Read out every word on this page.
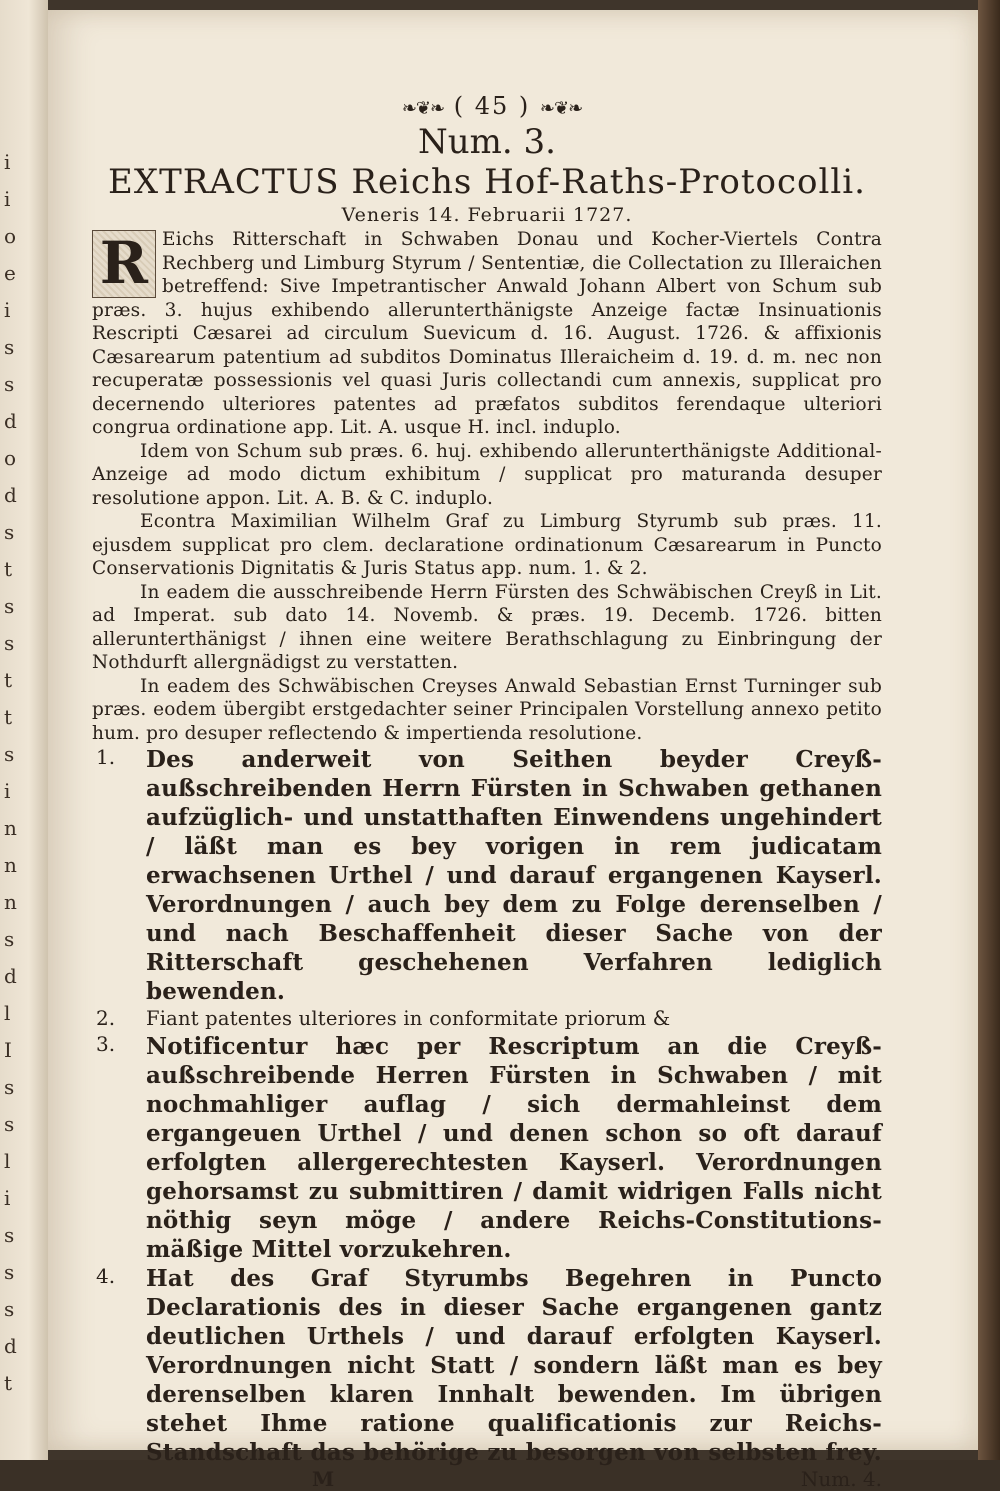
i
i
o
e
i
s
s
d
o
d
s
t
s
s
t
t
s
i
n
n
n
s
d
l
I
s
s
l
i
s
s
s
d
t
❧❦❧ ( 45 ) ❧❦❧
Num. 3.
EXTRACTUS Reichs Hof-Raths-Protocolli.
Veneris 14. Februarii 1727.

R Eichs Ritterschaft in Schwaben Donau und Kocher-Viertels Contra Rechberg und Limburg Styrum / Sententiæ, die Collectation zu Illeraichen betreffend: Sive Impetrantischer Anwald Johann Albert von Schum sub præs. 3. hujus exhibendo allerunterthänigste Anzeige factæ Insinuationis Rescripti Cæsarei ad circulum Suevicum d. 16. August. 1726. & affixionis Cæsarearum patentium ad subditos Dominatus Illeraicheim d. 19. d. m. nec non recuperatæ possessionis vel quasi Juris collectandi cum annexis, supplicat pro decernendo ulteriores patentes ad præfatos subditos ferendaque ulteriori congrua ordinatione app. Lit. A. usque H. incl. induplo.

Idem von Schum sub præs. 6. huj. exhibendo allerunterthänigste Additional-Anzeige ad modo dictum exhibitum / supplicat pro maturanda desuper resolutione appon. Lit. A. B. & C. induplo.

Econtra Maximilian Wilhelm Graf zu Limburg Styrumb sub præs. 11. ejusdem supplicat pro clem. declaratione ordinationum Cæsarearum in Puncto Conservationis Dignitatis & Juris Status app. num. 1. & 2.

In eadem die ausschreibende Herrn Fürsten des Schwäbischen Creyß in Lit. ad Imperat. sub dato 14. Novemb. & præs. 19. Decemb. 1726. bitten allerunterthänigst / ihnen eine weitere Berathschlagung zu Einbringung der Nothdurft allergnädigst zu verstatten.

In eadem des Schwäbischen Creyses Anwald Sebastian Ernst Turninger sub præs. eodem übergibt erstgedachter seiner Principalen Vorstellung annexo petito hum. pro desuper reflectendo & impertienda resolutione.

1.	Des anderweit von Seithen beyder Creyß-außschreibenden Herrn Fürsten in Schwaben gethanen aufzüglich- und unstatthaften Einwendens ungehindert / läßt man es bey vorigen in rem judicatam erwachsenen Urthel / und darauf ergangenen Kayserl. Verordnungen / auch bey dem zu Folge derenselben / und nach Beschaffenheit dieser Sache von der Ritterschaft geschehenen Verfahren lediglich bewenden.

2.	Fiant patentes ulteriores in conformitate priorum &

3.	Notificentur hæc per Rescriptum an die Creyß-außschreibende Herren Fürsten in Schwaben / mit nochmahliger auflag / sich dermahleinst dem ergangeuen Urthel / und denen schon so oft darauf erfolgten allergerechtesten Kayserl. Verordnungen gehorsamst zu submittiren / damit widrigen Falls nicht nöthig seyn möge / andere Reichs-Constitutions-mäßige Mittel vorzukehren.

4.	Hat des Graf Styrumbs Begehren in Puncto Declarationis des in dieser Sache ergangenen gantz deutlichen Urthels / und darauf erfolgten Kayserl. Verordnungen nicht Statt / sondern läßt man es bey derenselben klaren Innhalt bewenden. Im übrigen stehet Ihme ratione qualificationis zur Reichs-Standschaft das behörige zu besorgen von selbsten frey.

M	Num. 4.
